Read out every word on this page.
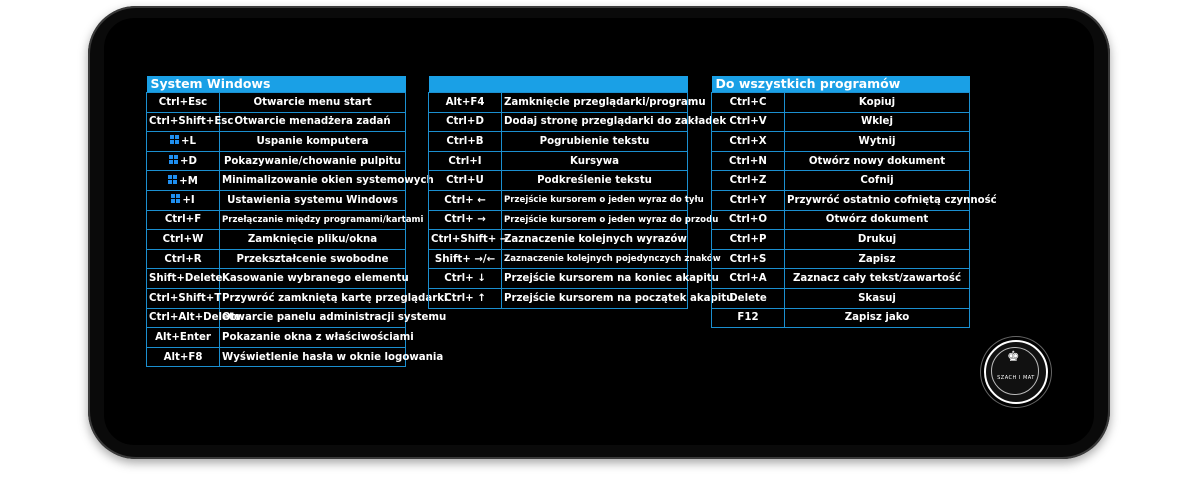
System Windows	
Ctrl+Esc	Otwarcie menu start
Ctrl+Shift+Esc	Otwarcie menadżera zadań

+L	Uspanie komputera

+D	Pokazywanie/chowanie pulpitu

+M	Minimalizowanie okien systemowych

+I	Ustawienia systemu Windows
Ctrl+F	Przełączanie między programami/kartami
Ctrl+W	Zamknięcie pliku/okna
Ctrl+R	Przekształcenie swobodne
Shift+Delete	Kasowanie wybranego elementu
Ctrl+Shift+T	Przywróć zamkniętą kartę przeglądarki
Ctrl+Alt+Delete	Otwarcie panelu administracji systemu
Alt+Enter	Pokazanie okna z właściwościami
Alt+F8	Wyświetlenie hasła w oknie logowania

Alt+F4	Zamknięcie przeglądarki/programu
Ctrl+D	Dodaj stronę przeglądarki do zakładek
Ctrl+B	Pogrubienie tekstu
Ctrl+I	Kursywa
Ctrl+U	Podkreślenie tekstu
Ctrl+ ←	Przejście kursorem o jeden wyraz do tyłu
Ctrl+ →	Przejście kursorem o jeden wyraz do przodu
Ctrl+Shift+ →	Zaznaczenie kolejnych wyrazów
Shift+ →/←	Zaznaczenie kolejnych pojedynczych znaków
Ctrl+ ↓	Przejście kursorem na koniec akapitu
Ctrl+ ↑	Przejście kursorem na początek akapitu
Do wszystkich programów	
Ctrl+C	Kopiuj
Ctrl+V	Wklej
Ctrl+X	Wytnij
Ctrl+N	Otwórz nowy dokument
Ctrl+Z	Cofnij
Ctrl+Y	Przywróć ostatnio cofniętą czynność
Ctrl+O	Otwórz dokument
Ctrl+P	Drukuj
Ctrl+S	Zapisz
Ctrl+A	Zaznacz cały tekst/zawartość
Delete	Skasuj
F12	Zapisz jako
♚
SZACH I MAT
